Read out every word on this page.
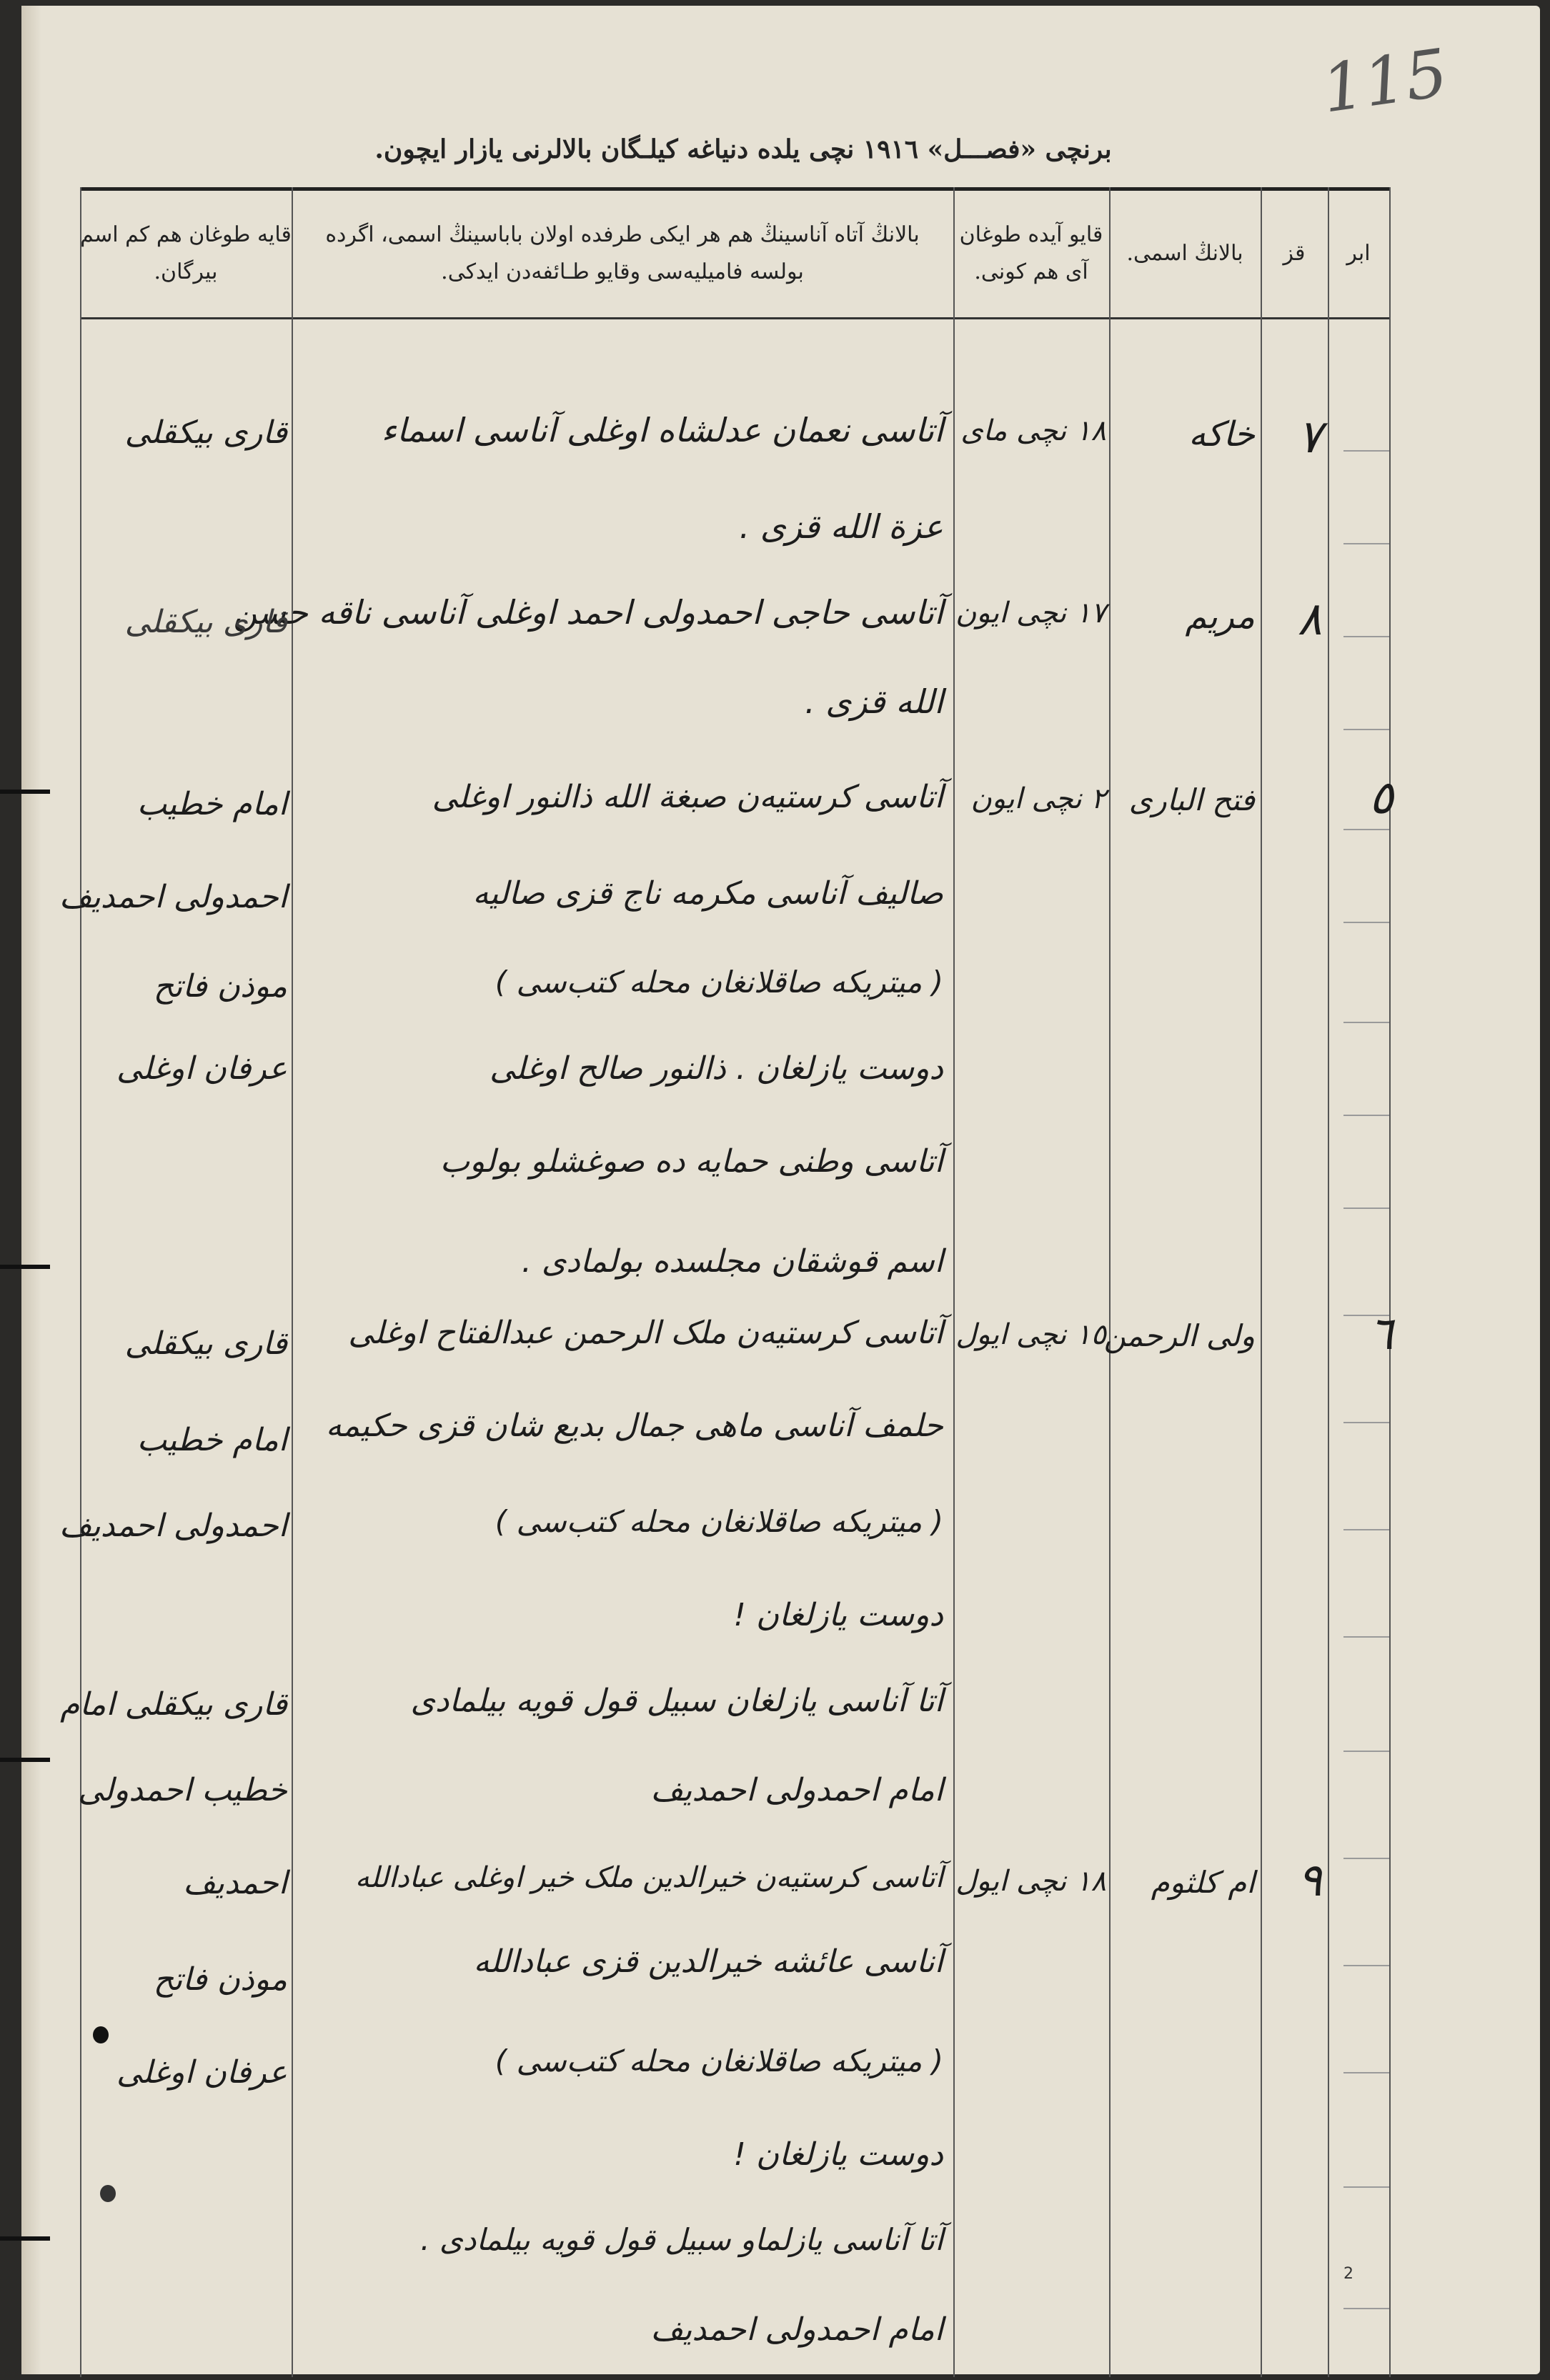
115
برنچی «فصـــل» ١٩١٦ نچی یلده دنیاغه کیلـگان بالالرنی یازار ایچون.
ابر
قز
بالانڭ اسمی.
قایو آیده طوغان آی هم کونی.
بالانڭ آتاه آناسینڭ هم هر ایکی طرفده اولان باباسینڭ اسمی، اگرده بولسه فامیلیه‌سی وقایو طـائفه‌دن ایدکی.
قایه طوغان هم کم اسم بیرگان.
٧
خاکه
١٨ نچی مای
آتاسی نعمان عدلشاه اوغلی آناسی اسماء
عزة الله قزی .
قاری بیکقلی
٨
مریم
١٧ نچی ایون
آتاسی حاجی احمدولی احمد اوغلی آناسی ناقه حسن
الله قزی .
قاری بیکقلی
٥
فتح الباری
٢ نچی ایون
آتاسی کرستیه‌ن صبغة الله ذالنور اوغلی
صالیف آناسی مکرمه ناج قزی صالیه
( میتریکه صاقلانغان محله کتب‌سی )
دوست یازلغان . ذالنور صالح اوغلی
آتاسی وطنی حمایه ده صوغشلو بولوب
اسم قوشقان مجلسده بولمادی .
امام خطیب
احمدولی احمدیف
موذن فاتح
عرفان اوغلی
٦
ولی الرحمن
١٥ نچی ایول
آتاسی کرستیه‌ن ملک الرحمن عبدالفتاح اوغلی
حلمف آناسی ماهی جمال بدیع شان قزی حکیمه
( میتریکه صاقلانغان محله کتب‌سی )
دوست یازلغان !
آتا آناسی یازلغان سبیل قول قویه بیلمادی
امام احمدولی احمدیف
قاری بیکقلی
امام خطیب
احمدولی احمدیف
قاری بیکقلی امام
خطیب احمدولی
٩
ام کلثوم
١٨ نچی ایول
آتاسی کرستیه‌ن خیرالدین ملک خیر اوغلی عبادالله
آناسی عائشه خیرالدین قزی عبادالله
( میتریکه صاقلانغان محله کتب‌سی )
دوست یازلغان !
آتا آناسی یازلماو سبیل قول قویه بیلمادی .
امام احمدولی احمدیف
احمدیف
موذن فاتح
عرفان اوغلی
2
